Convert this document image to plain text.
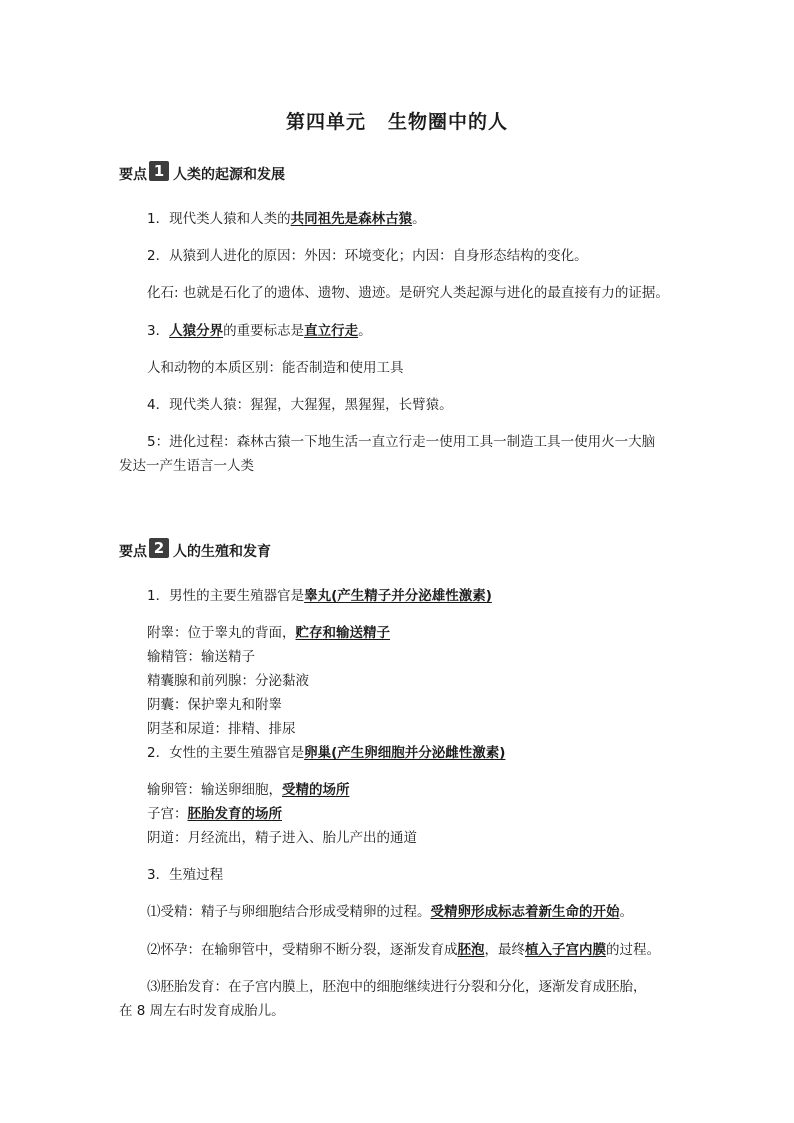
第四单元 生物圈中的人
要点 1 人类的起源和发展
1．现代类人猿和人类的共同祖先是森林古猿。
2．从猿到人进化的原因：外因：环境变化；内因：自身形态结构的变化。
化石: 也就是石化了的遗体、遗物、遗迹。是研究人类起源与进化的最直接有力的证据。
3．人猿分界的重要标志是直立行走。
人和动物的本质区别：能否制造和使用工具
4．现代类人猿：猩猩，大猩猩，黑猩猩，长臂猿。
5：进化过程：森林古猿一下地生活一直立行走一使用工具一制造工具一使用火一大脑
发达一产生语言一人类
要点 2 人的生殖和发育
1．男性的主要生殖器官是睾丸(产生精子并分泌雄性激素)
附睾：位于睾丸的背面，贮存和输送精子
输精管：输送精子
精囊腺和前列腺：分泌黏液
阴囊：保护睾丸和附睾
阴茎和尿道：排精、排尿
2．女性的主要生殖器官是卵巢(产生卵细胞并分泌雌性激素)
输卵管：输送卵细胞，受精的场所
子宫：胚胎发育的场所
阴道：月经流出，精子进入、胎儿产出的通道
3．生殖过程
⑴受精：精子与卵细胞结合形成受精卵的过程。受精卵形成标志着新生命的开始。
⑵怀孕：在输卵管中，受精卵不断分裂，逐渐发育成胚泡，最终植入子宫内膜的过程。
⑶胚胎发育：在子宫内膜上，胚泡中的细胞继续进行分裂和分化，逐渐发育成胚胎，
在 8 周左右时发育成胎儿。
